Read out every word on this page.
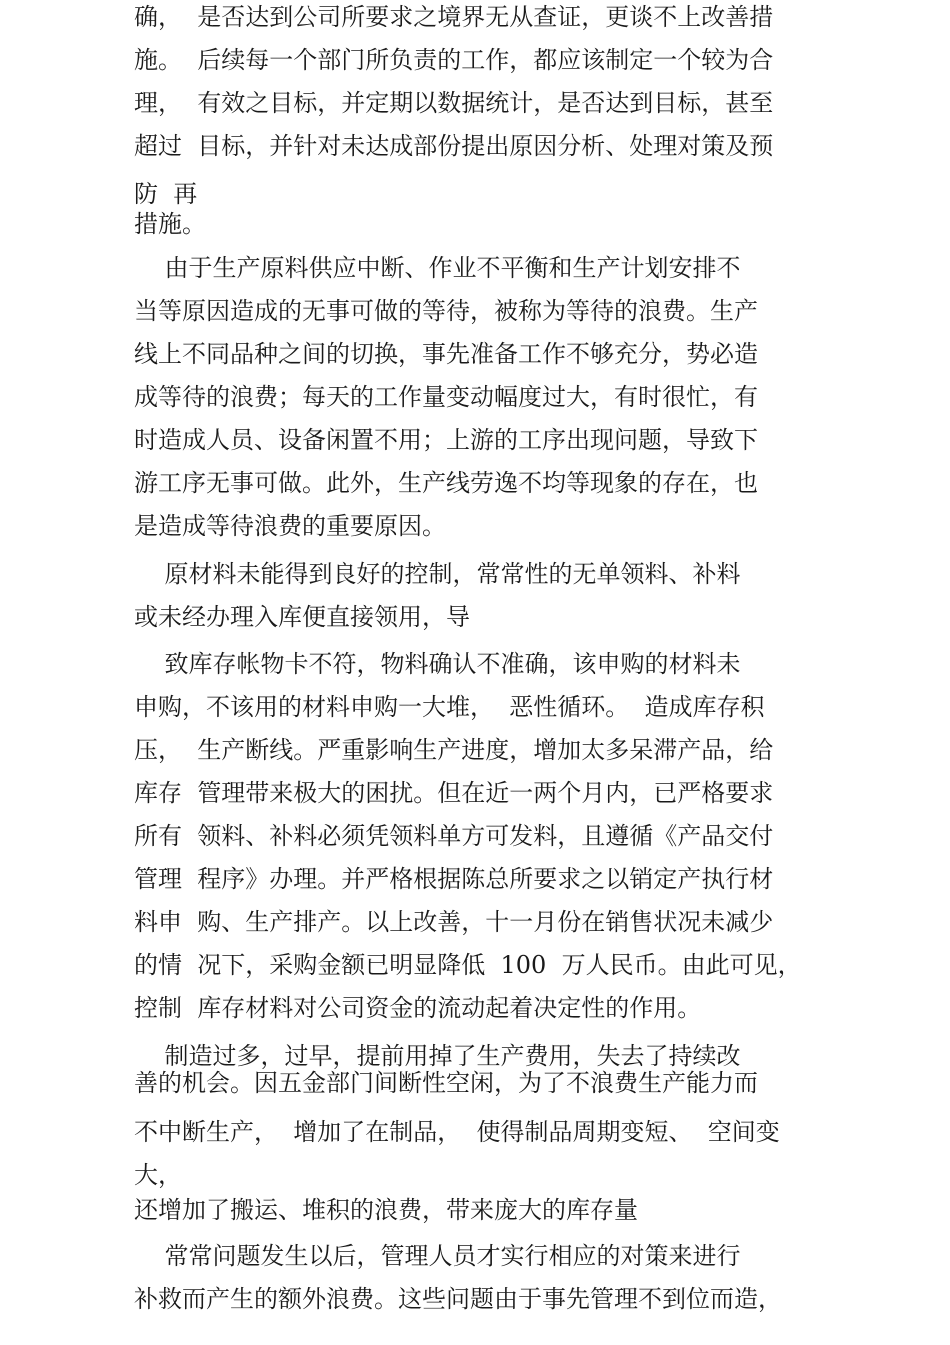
确，  是否达到公司所要求之境界无从查证，更谈不上改善措

施。  后续每一个部门所负责的工作，都应该制定一个较为合

理，  有效之目标，并定期以数据统计，是否达到目标，甚至

超过  目标，并针对未达成部份提出原因分析、处理对策及预

防  再

措施。

由于生产原料供应中断、作业不平衡和生产计划安排不

当等原因造成的无事可做的等待，被称为等待的浪费。生产

线上不同品种之间的切换，事先准备工作不够充分，势必造

成等待的浪费；每天的工作量变动幅度过大，有时很忙，有

时造成人员、设备闲置不用；上游的工序出现问题，导致下

游工序无事可做。此外，生产线劳逸不均等现象的存在，也

是造成等待浪费的重要原因。

原材料未能得到良好的控制，常常性的无单领料、补料

或未经办理入库便直接领用，导

致库存帐物卡不符，物料确认不准确，该申购的材料未

申购，不该用的材料申购一大堆，  恶性循环。  造成库存积

压，  生产断线。严重影响生产进度，增加太多呆滞产品，给

库存  管理带来极大的困扰。但在近一两个月内，已严格要求

所有  领料、补料必须凭领料单方可发料，且遵循《产品交付

管理  程序》办理。并严格根据陈总所要求之以销定产执行材

料申  购、生产排产。以上改善，十一月份在销售状况未减少

的情  况下，采购金额已明显降低  100  万人民币。由此可见，

控制  库存材料对公司资金的流动起着决定性的作用。

制造过多，过早，提前用掉了生产费用，失去了持续改

善的机会。因五金部门间断性空闲，为了不浪费生产能力而

不中断生产，  增加了在制品，  使得制品周期变短、  空间变

大，

还增加了搬运、堆积的浪费，带来庞大的库存量

常常问题发生以后，管理人员才实行相应的对策来进行

补救而产生的额外浪费。这些问题由于事先管理不到位而造，
